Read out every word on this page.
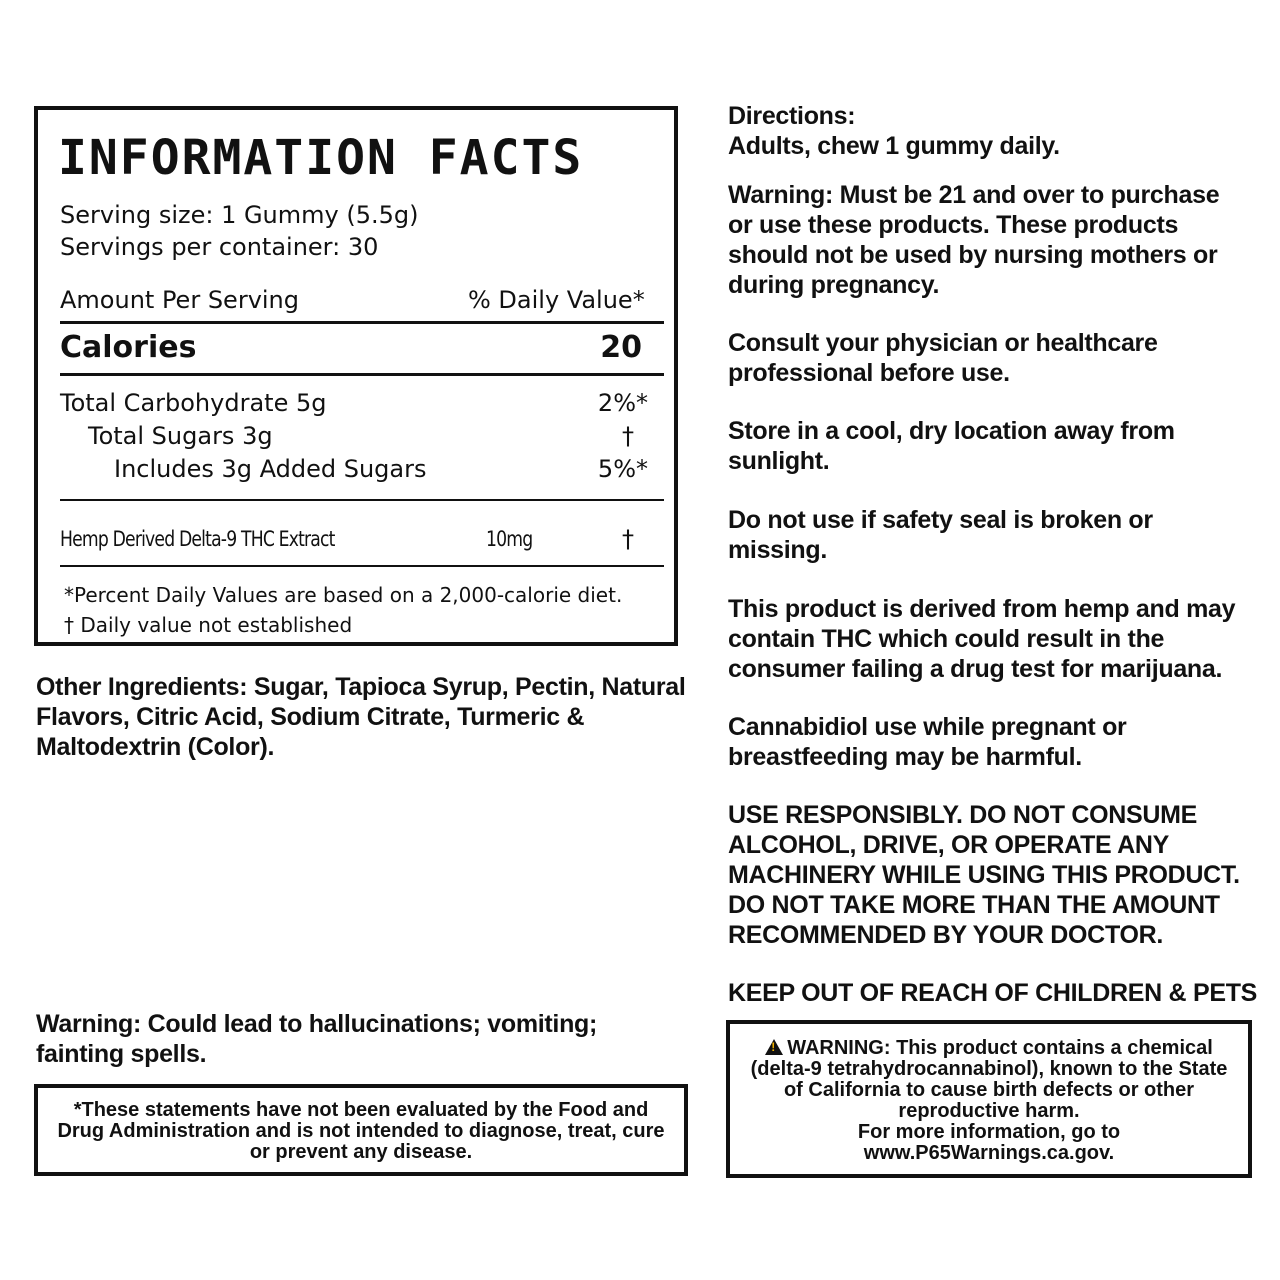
INFORMATION FACTS
Serving size: 1 Gummy (5.5g)
Servings per container: 30
Amount Per Serving	% Daily Value*
Calories	20
Total Carbohydrate 5g	2%*
Total Sugars 3g	†
Includes 3g Added Sugars	5%*
Hemp Derived Delta-9 THC Extract	10mg	†
*Percent Daily Values are based on a 2,000-calorie diet.
† Daily value not established

Other Ingredients: Sugar, Tapioca Syrup, Pectin, Natural Flavors, Citric Acid, Sodium Citrate, Turmeric & Maltodextrin (Color).

Warning: Could lead to hallucinations; vomiting; fainting spells.

*These statements have not been evaluated by the Food and Drug Administration and is not intended to diagnose, treat, cure or prevent any disease.

Directions:

Adults, chew 1 gummy daily.

Warning: Must be 21 and over to purchase or use these products. These products should not be used by nursing mothers or during pregnancy.

Consult your physician or healthcare professional before use.

Store in a cool, dry location away from sunlight.

Do not use if safety seal is broken or missing.

This product is derived from hemp and may contain THC which could result in the consumer failing a drug test for marijuana.

Cannabidiol use while pregnant or breastfeeding may be harmful.

USE RESPONSIBLY. DO NOT CONSUME ALCOHOL, DRIVE, OR OPERATE ANY MACHINERY WHILE USING THIS PRODUCT. DO NOT TAKE MORE THAN THE AMOUNT RECOMMENDED BY YOUR DOCTOR.

KEEP OUT OF REACH OF CHILDREN & PETS

!WARNING: This product contains a chemical (delta-9 tetrahydrocannabinol), known to the State of California to cause birth defects or other reproductive harm.

For more information, go to www.P65Warnings.ca.gov.
